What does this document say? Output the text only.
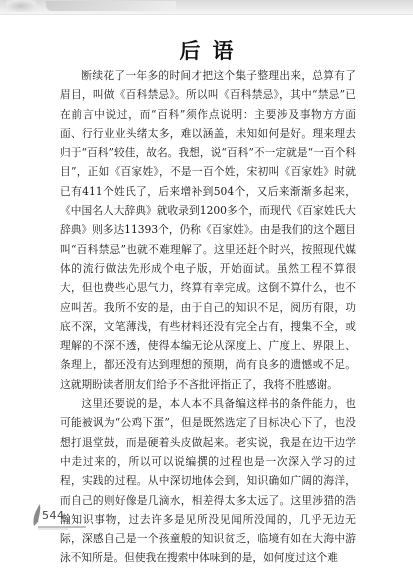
后语

断续花了一年多的时间才把这个集子整理出来，总算有了眉目，叫做《百科禁忌》。所以叫《百科禁忌》，其中“禁忌”已在前言中说过，而“百科”须作点说明：主要涉及事物方方面面、行行业业头绪太多，难以涵盖，未知如何是好。理来理去归于“百科”较佳，故名。我想，说“百科”不一定就是“一百个科目”，正如《百家姓》，不是一百个姓，宋初叫《百家姓》时就已有411个姓氏了，后来增补到504个，又后来渐渐多起来，《中国名人大辞典》就收录到1200多个，而现代《百家姓氏大辞典》则多达11393个，仍称《百家姓》。由是我们的这个题目叫“百科禁忌”也就不难理解了。这里还赶个时兴，按照现代媒体的流行做法先形成个电子版，开始面试。虽然工程不算很大，但也费些心思气力，终算有幸完成。这倒不算什么，也不应叫苦。我所不安的是，由于自己的知识不足，阅历有限，功底不深，文笔薄浅，有些材料还没有完全占有，搜集不全，或理解的不深不透，使得本编无论从深度上、广度上、界限上、条理上，都还没有达到理想的预期，尚有良多的遗憾或不足。这就期盼读者朋友们给予不吝批评指正了，我将不胜感谢。

这里还要说的是，本人本不具备编这样书的条件能力，也可能被讽为“公鸡下蛋”，但是既然选定了目标决心下了，也没想打退堂鼓，而是硬着头皮做起来。老实说，我是在边干边学中走过来的，所以可以说编撰的过程也是一次深入学习的过程，实践的过程。从中深切地体会到，知识确如广阔的海洋，而自己的则好像是几滴水，相差得太多太远了。这里涉猎的浩瀚知识事物，过去许多是见所没见闻所没闻的，几乎无边无际，深感自己是一个孩童般的知识贫乏，临境有如在大海中游泳不知所是。但使我在搜索中体味到的是，如何度过这个难

544
